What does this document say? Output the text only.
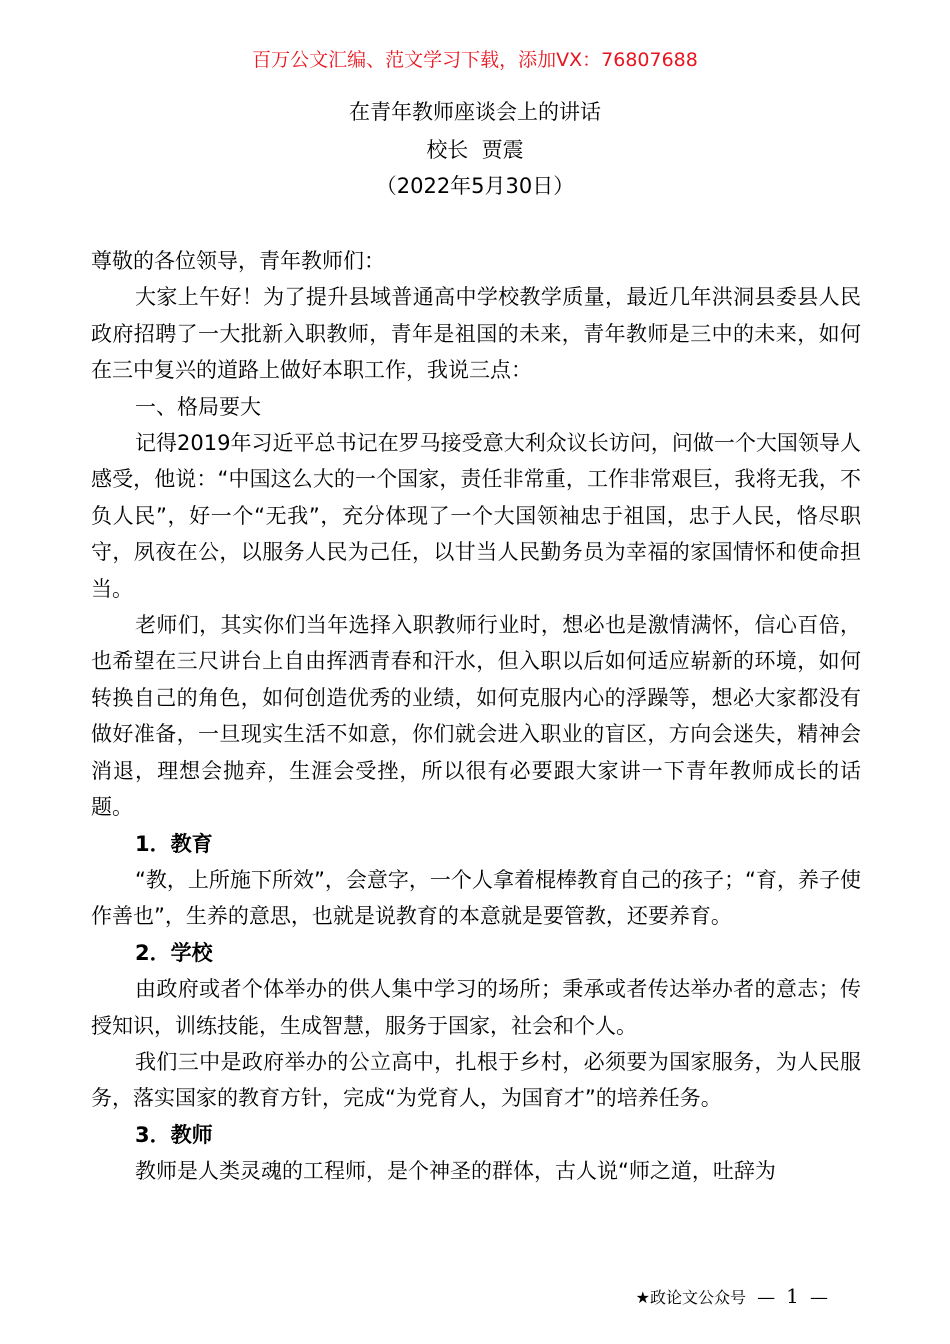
百万公文汇编、范文学习下载，添加VX：76807688
在青年教师座谈会上的讲话
校长  贾震
（2022年5月30日）

尊敬的各位领导，青年教师们：

大家上午好！为了提升县域普通高中学校教学质量，最近几年洪洞县委县人民政府招聘了一大批新入职教师，青年是祖国的未来，青年教师是三中的未来，如何在三中复兴的道路上做好本职工作，我说三点：

一、格局要大

记得2019年习近平总书记在罗马接受意大利众议长访问，问做一个大国领导人感受，他说：“中国这么大的一个国家，责任非常重，工作非常艰巨，我将无我，不负人民”，好一个“无我”，充分体现了一个大国领袖忠于祖国，忠于人民，恪尽职守，夙夜在公，以服务人民为己任，以甘当人民勤务员为幸福的家国情怀和使命担当。

老师们，其实你们当年选择入职教师行业时，想必也是激情满怀，信心百倍，也希望在三尺讲台上自由挥洒青春和汗水，但入职以后如何适应崭新的环境，如何转换自己的角色，如何创造优秀的业绩，如何克服内心的浮躁等，想必大家都没有做好准备，一旦现实生活不如意，你们就会进入职业的盲区，方向会迷失，精神会消退，理想会抛弃，生涯会受挫，所以很有必要跟大家讲一下青年教师成长的话题。

1．教育

“教，上所施下所效”，会意字，一个人拿着棍棒教育自己的孩子；“育，养子使作善也”，生养的意思，也就是说教育的本意就是要管教，还要养育。

2．学校

由政府或者个体举办的供人集中学习的场所；秉承或者传达举办者的意志；传授知识，训练技能，生成智慧，服务于国家，社会和个人。

我们三中是政府举办的公立高中，扎根于乡村，必须要为国家服务，为人民服务，落实国家的教育方针，完成“为党育人，为国育才”的培养任务。

3．教师

教师是人类灵魂的工程师，是个神圣的群体，古人说“师之道，吐辞为

★政论文公众号 — 1 —
